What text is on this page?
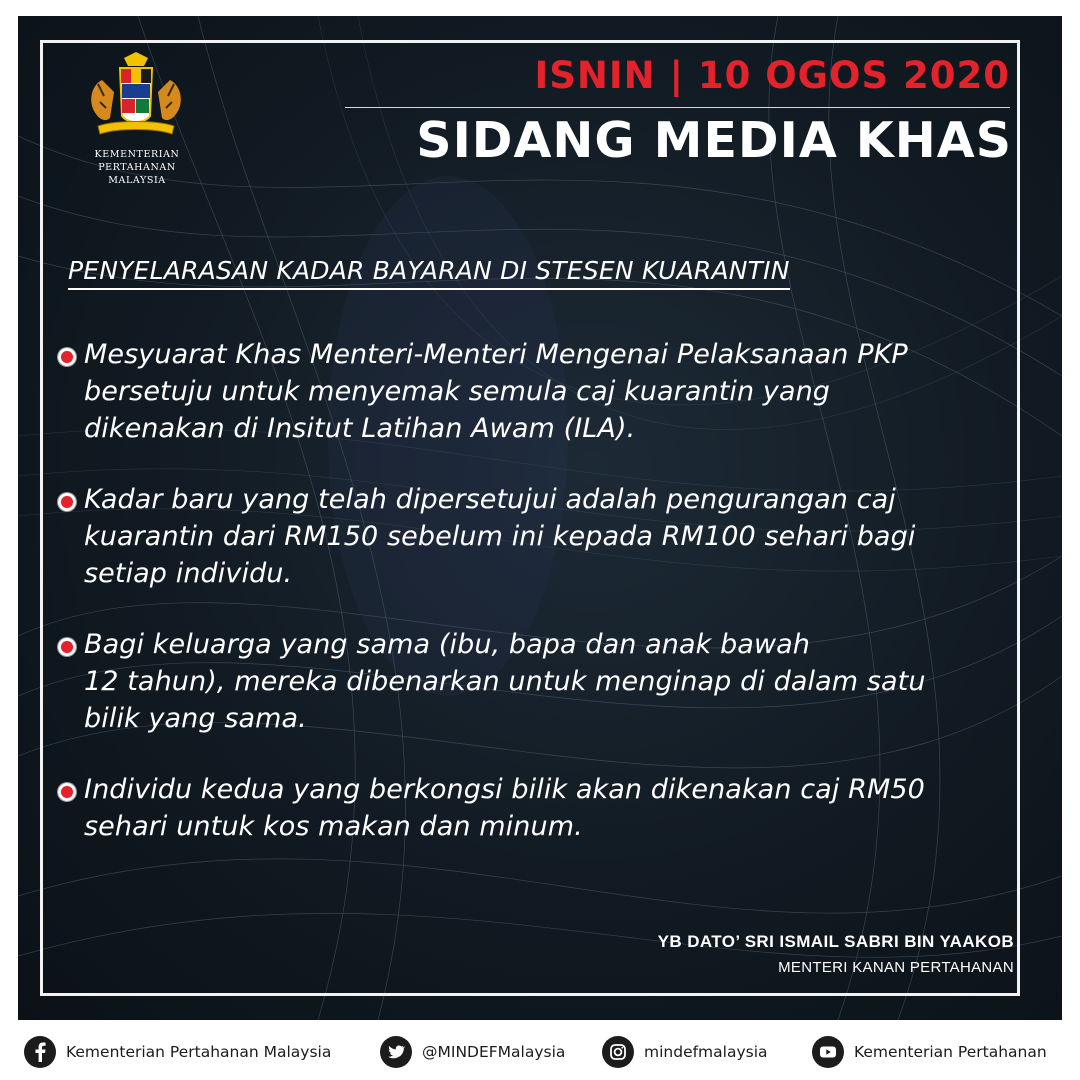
KEMENTERIAN PERTAHANAN
MALAYSIA
ISNIN | 10 OGOS 2020
SIDANG MEDIA KHAS
PENYELARASAN KADAR BAYARAN DI STESEN KUARANTIN
Mesyuarat Khas Menteri-Menteri Mengenai Pelaksanaan PKP
bersetuju untuk menyemak semula caj kuarantin yang
dikenakan di Insitut Latihan Awam (ILA).
Kadar baru yang telah dipersetujui adalah pengurangan caj
kuarantin dari RM150 sebelum ini kepada RM100 sehari bagi
setiap individu.
Bagi keluarga yang sama (ibu, bapa dan anak bawah
12 tahun), mereka dibenarkan untuk menginap di dalam satu
bilik yang sama.
Individu kedua yang berkongsi bilik akan dikenakan caj RM50
sehari untuk kos makan dan minum.
YB DATO’ SRI ISMAIL SABRI BIN YAAKOB
MENTERI KANAN PERTAHANAN
Kementerian Pertahanan Malaysia	@MINDEFMalaysia	mindefmalaysia	Kementerian Pertahanan
